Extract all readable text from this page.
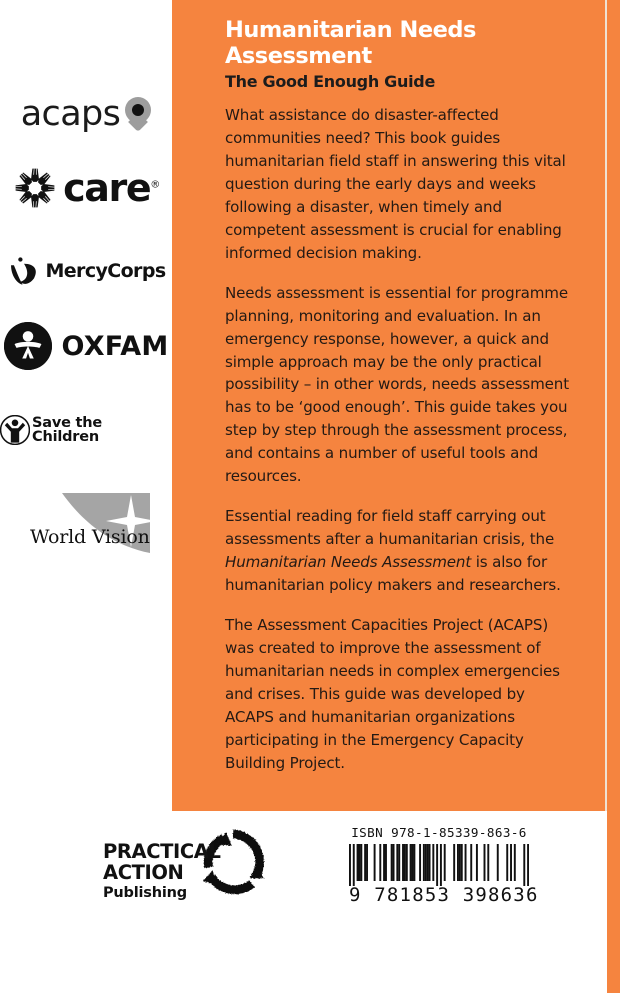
Humanitarian Needs Assessment
The Good Enough Guide

What assistance do disaster-affected communities need? This book guides humanitarian field staff in answering this vital question during the early days and weeks following a disaster, when timely and competent assessment is crucial for enabling informed decision making.

Needs assessment is essential for programme planning, monitoring and evaluation. In an emergency response, however, a quick and simple approach may be the only practical possibility – in other words, needs assessment has to be ‘good enough’. This guide takes you step by step through the assessment process, and contains a number of useful tools and resources.

Essential reading for field staff carrying out assessments after a humanitarian crisis, the Humanitarian Needs Assessment is also for humanitarian policy makers and researchers.

The Assessment Capacities Project (ACAPS) was created to improve the assessment of humanitarian needs in complex emergencies and crises. This guide was developed by ACAPS and humanitarian organizations participating in the Emergency Capacity Building Project.

acaps
care®
MercyCorps
OXFAM
Save the Children
World Vision
PRACTICAL ACTION
Publishing
ISBN 978-1-85339-863-6
9 781853 398636
